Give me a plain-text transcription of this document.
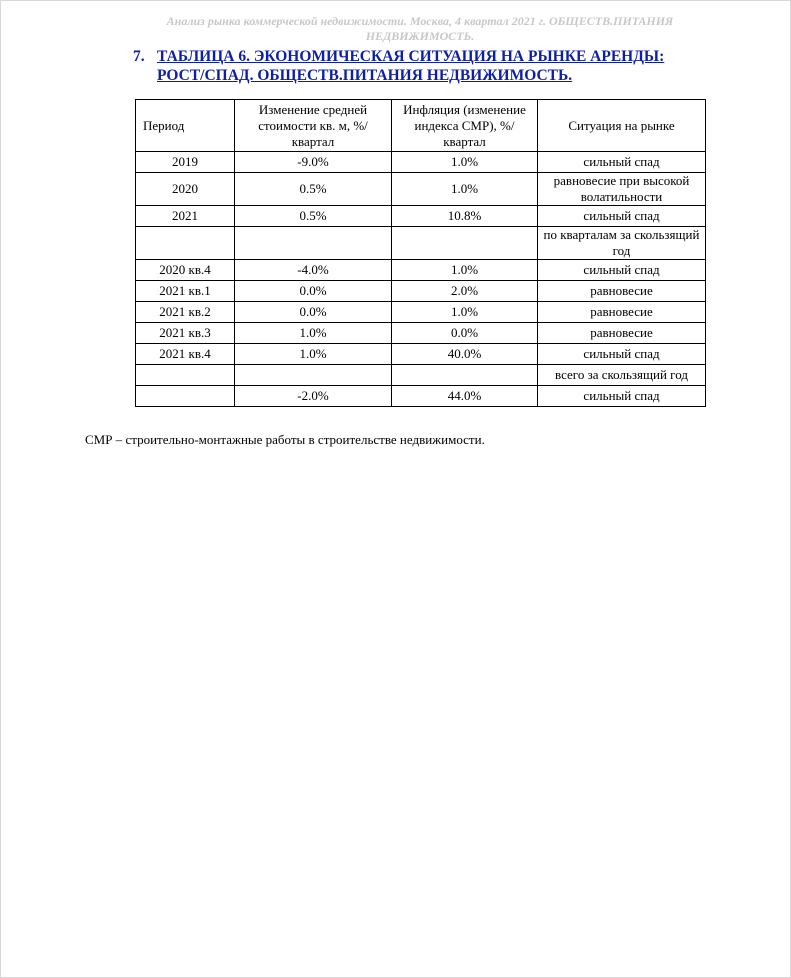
Анализ рынка коммерческой недвижимости. Москва, 4 квартал 2021 г. ОБЩЕСТВ.ПИТАНИЯ
НЕДВИЖИМОСТЬ.
7. ТАБЛИЦА 6. ЭКОНОМИЧЕСКАЯ СИТУАЦИЯ НА РЫНКЕ АРЕНДЫ:
РОСТ/СПАД. ОБЩЕСТВ.ПИТАНИЯ НЕДВИЖИМОСТЬ.
Период	Изменение средней стоимости кв. м, %/ квартал	Инфляция (изменение индекса СМР), %/ квартал	Ситуация на рынке
2019	-9.0%	1.0%	сильный спад
2020	0.5%	1.0%	равновесие при высокой волатильности
2021	0.5%	10.8%	сильный спад
			по кварталам за скользящий год
2020 кв.4	-4.0%	1.0%	сильный спад
2021 кв.1	0.0%	2.0%	равновесие
2021 кв.2	0.0%	1.0%	равновесие
2021 кв.3	1.0%	0.0%	равновесие
2021 кв.4	1.0%	40.0%	сильный спад
			всего за скользящий год
	-2.0%	44.0%	сильный спад
СМР – строительно-монтажные работы в строительстве недвижимости.
